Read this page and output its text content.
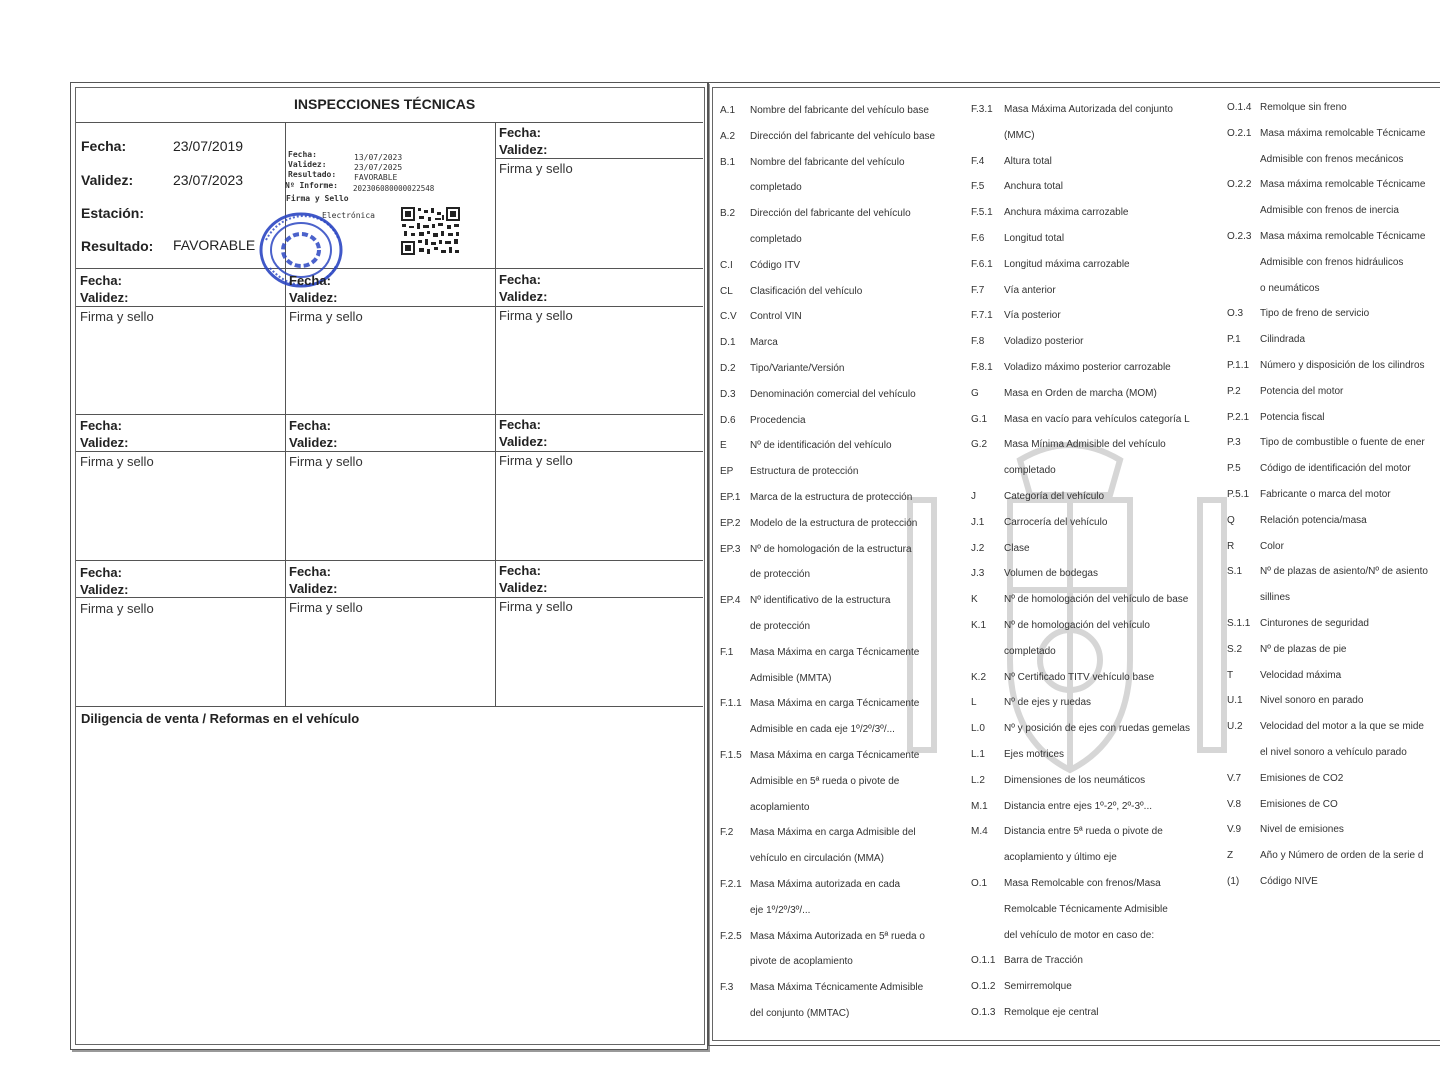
INSPECCIONES TÉCNICAS
Fecha:	23/07/2019
Validez:	23/07/2023
Estación:
Resultado: FAVORABLE
Fecha:	13/07/2023
Validez:	23/07/2025
Resultado: FAVORABLE
Nº Informe: 202306080000022548
Firma y Sello
Electrónica
Fecha:
Validez:
Firma y sello
Fecha:
Validez:
Firma y sello
Fecha:
Validez:
Firma y sello
Fecha:
Validez:
Firma y sello
Fecha:
Validez:
Firma y sello
Fecha:
Validez:
Firma y sello
Fecha:
Validez:
Firma y sello
Fecha:
Validez:
Firma y sello
Fecha:
Validez:
Firma y sello
Fecha:
Validez:
Firma y sello
Diligencia de venta / Reformas en el vehículo
A.1 Nombre del fabricante del vehículo base
A.2 Dirección del fabricante del vehículo base
B.1 Nombre del fabricante del vehículo
completado
B.2 Dirección del fabricante del vehículo
completado
C.I Código ITV
CL Clasificación del vehículo
C.V Control VIN
D.1 Marca
D.2 Tipo/Variante/Versión
D.3 Denominación comercial del vehículo
D.6 Procedencia
E Nº de identificación del vehículo
EP Estructura de protección
EP.1 Marca de la estructura de protección
EP.2 Modelo de la estructura de protección
EP.3 Nº de homologación de la estructura
de protección
EP.4 Nº identificativo de la estructura
de protección
F.1 Masa Máxima en carga Técnicamente
Admisible (MMTA)
F.1.1 Masa Máxima en carga Técnicamente
Admisible en cada eje 1º/2º/3º/...
F.1.5 Masa Máxima en carga Técnicamente
Admisible en 5ª rueda o pivote de
acoplamiento
F.2 Masa Máxima en carga Admisible del
vehículo en circulación (MMA)
F.2.1 Masa Máxima autorizada en cada
eje 1º/2º/3º/...
F.2.5 Masa Máxima Autorizada en 5ª rueda o
pivote de acoplamiento
F.3 Masa Máxima Técnicamente Admisible
del conjunto (MMTAC)
F.3.1 Masa Máxima Autorizada del conjunto
(MMC)
F.4 Altura total
F.5 Anchura total
F.5.1 Anchura máxima carrozable
F.6 Longitud total
F.6.1 Longitud máxima carrozable
F.7 Vía anterior
F.7.1 Vía posterior
F.8 Voladizo posterior
F.8.1 Voladizo máximo posterior carrozable
G	Masa en Orden de marcha (MOM)
G.1 Masa en vacío para vehículos categoría L
G.2 Masa Mínima Admisible del vehículo
completado
J	Categoría del vehículo
J.1 Carrocería del vehículo
J.2 Clase
J.3 Volumen de bodegas
K	Nº de homologación del vehículo de base
K.1 Nº de homologación del vehículo
completado
K.2 Nº Certificado TITV vehículo base
L	Nº de ejes y ruedas
L.0 Nº y posición de ejes con ruedas gemelas
L.1 Ejes motrices
L.2 Dimensiones de los neumáticos
M.1 Distancia entre ejes 1º-2º, 2º-3º...
M.4 Distancia entre 5ª rueda o pivote de
acoplamiento y último eje
O.1 Masa Remolcable con frenos/Masa
Remolcable Técnicamente Admisible
del vehículo de motor en caso de:
O.1.1 Barra de Tracción
O.1.2 Semirremolque
O.1.3 Remolque eje central
O.1.4 Remolque sin freno
O.2.1 Masa máxima remolcable Técnicame
Admisible con frenos mecánicos
O.2.2 Masa máxima remolcable Técnicame
Admisible con frenos de inercia
O.2.3 Masa máxima remolcable Técnicame
Admisible con frenos hidráulicos
o neumáticos
O.3 Tipo de freno de servicio
P.1 Cilindrada
P.1.1 Número y disposición de los cilindros
P.2 Potencia del motor
P.2.1 Potencia fiscal
P.3 Tipo de combustible o fuente de ener
P.5 Código de identificación del motor
P.5.1 Fabricante o marca del motor
Q	Relación potencia/masa
R	Color
S.1 Nº de plazas de asiento/Nº de asiento
sillines
S.1.1 Cinturones de seguridad
S.2 Nº de plazas de pie
T	Velocidad máxima
U.1 Nivel sonoro en parado
U.2 Velocidad del motor a la que se mide
el nivel sonoro a vehículo parado
V.7 Emisiones de CO2
V.8 Emisiones de CO
V.9 Nivel de emisiones
Z	Año y Número de orden de la serie d
(1) Código NIVE
